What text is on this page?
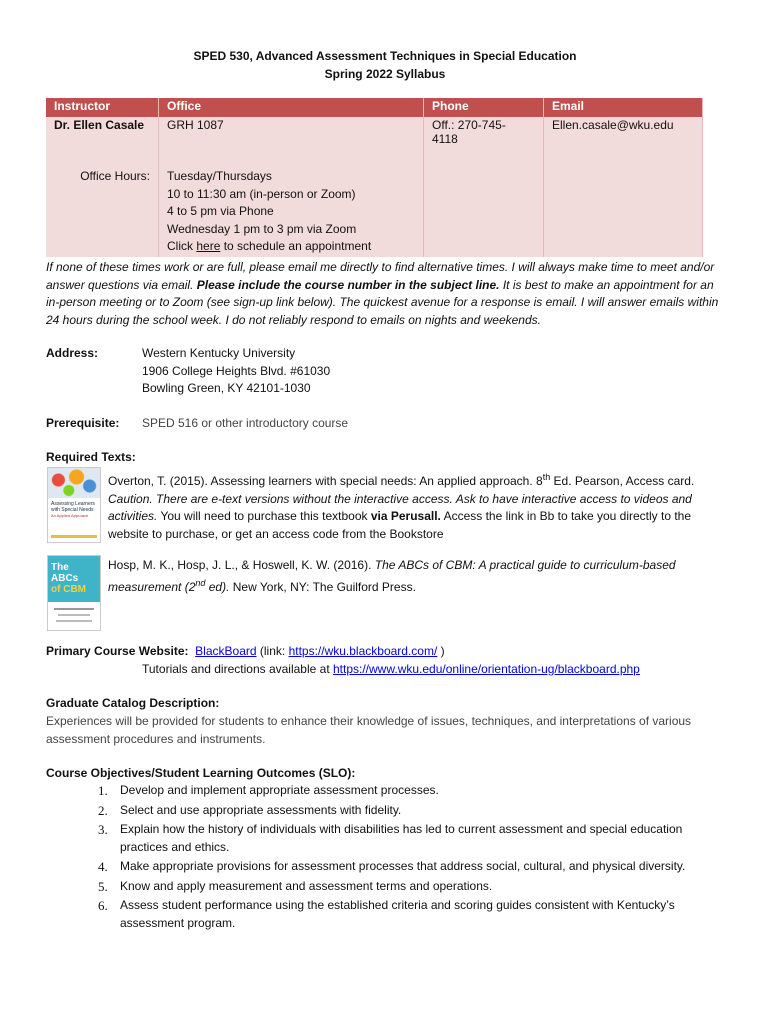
SPED 530, Advanced Assessment Techniques in Special Education
Spring 2022 Syllabus
Instructor	Office	Phone	Email
Dr. Ellen Casale	GRH 1087	Off.: 270-745-
4118	Ellen.casale@wku.edu
Office Hours:	Tuesday/Thursdays
10 to 11:30 am (in-person or Zoom)
4 to 5 pm via Phone
Wednesday 1 pm to 3 pm via Zoom
Click here to schedule an appointment		

If none of these times work or are full, please email me directly to find alternative times. I will always make time to meet and/or answer questions via email. Please include the course number in the subject line. It is best to make an appointment for an in-person meeting or to Zoom (see sign-up link below). The quickest avenue for a response is email. I will answer emails within 24 hours during the school week. I do not reliably respond to emails on nights and weekends.
Address:	Western Kentucky University
1906 College Heights Blvd. #61030
Bowling Green, KY 42101-1030
Prerequisite: SPED 516 or other introductory course
Required Texts:
Assessing Learners with Special Needs
An Applied Approach
Overton, T. (2015). Assessing learners with special needs: An applied approach. 8th Ed. Pearson, Access card. Caution. There are e-text versions without the interactive access. Ask to have interactive access to videos and activities. You will need to purchase this textbook via Perusall. Access the link in Bb to take you directly to the website to purchase, or get an access code from the Bookstore
The ABCs
of CBM
Hosp, M. K., Hosp, J. L., & Hoswell, K. W. (2016). The ABCs of CBM: A practical guide to curriculum-based measurement (2nd ed). New York, NY: The Guilford Press.
Primary Course Website: BlackBoard (link: https://wku.blackboard.com/ )
Tutorials and directions available at https://www.wku.edu/online/orientation-ug/blackboard.php
Graduate Catalog Description:
Experiences will be provided for students to enhance their knowledge of issues, techniques, and interpretations of various assessment procedures and instruments.
Course Objectives/Student Learning Outcomes (SLO):
1. Develop and implement appropriate assessment processes.
2. Select and use appropriate assessments with fidelity.
3. Explain how the history of individuals with disabilities has led to current assessment and special education practices and ethics.
4. Make appropriate provisions for assessment processes that address social, cultural, and physical diversity.
5. Know and apply measurement and assessment terms and operations.
6. Assess student performance using the established criteria and scoring guides consistent with Kentucky’s assessment program.
